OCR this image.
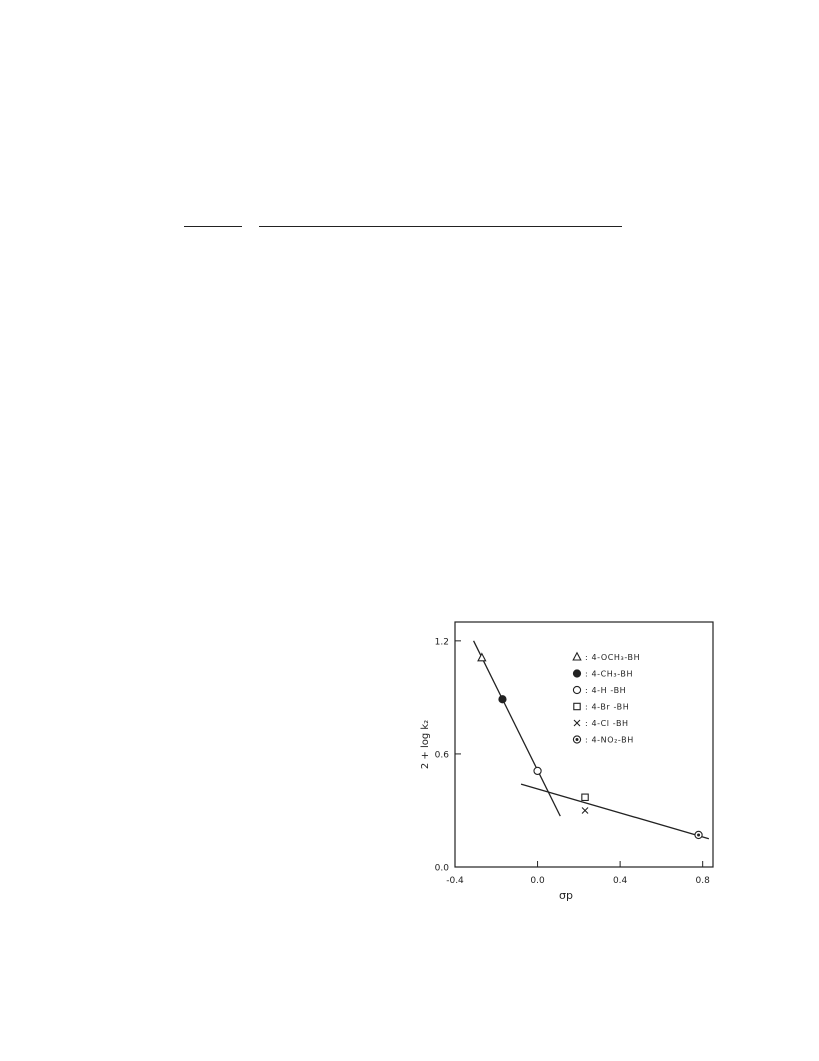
0.0
0.6
1.2
-0.4	0.0	0.4	0.8
: 4-OCH₃-BH
: 4-CH₃-BH
: 4-H -BH
: 4-Br -BH
: 4-Cl -BH
: 4-NO₂-BH
2 + log k₂
σp
